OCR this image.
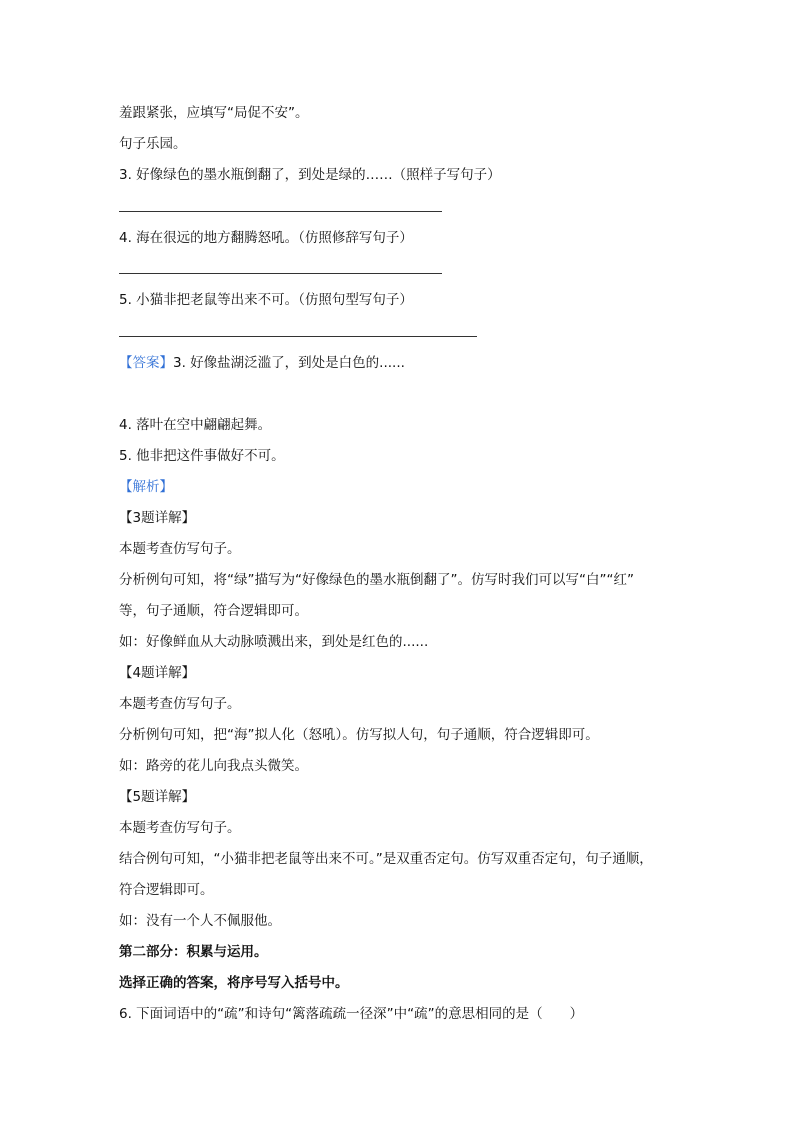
羞跟紧张，应填写“局促不安”。
句子乐园。
3. 好像绿色的墨水瓶倒翻了，到处是绿的……（照样子写句子）
4. 海在很远的地方翻腾怒吼。（仿照修辞写句子）
5. 小猫非把老鼠等出来不可。（仿照句型写句子）
【答案】3. 好像盐湖泛滥了，到处是白色的......
4. 落叶在空中翩翩起舞。
5. 他非把这件事做好不可。
【解析】
【3题详解】
本题考查仿写句子。
分析例句可知，将“绿”描写为“好像绿色的墨水瓶倒翻了”。仿写时我们可以写“白”“红”
等，句子通顺，符合逻辑即可。
如：好像鲜血从大动脉喷溅出来，到处是红色的......
【4题详解】
本题考查仿写句子。
分析例句可知，把“海”拟人化（怒吼）。仿写拟人句，句子通顺，符合逻辑即可。
如：路旁的花儿向我点头微笑。
【5题详解】
本题考查仿写句子。
结合例句可知，“小猫非把老鼠等出来不可。”是双重否定句。仿写双重否定句，句子通顺，
符合逻辑即可。
如：没有一个人不佩服他。
第二部分：积累与运用。
选择正确的答案，将序号写入括号中。
6. 下面词语中的“疏”和诗句“篱落疏疏一径深”中“疏”的意思相同的是（　　）
